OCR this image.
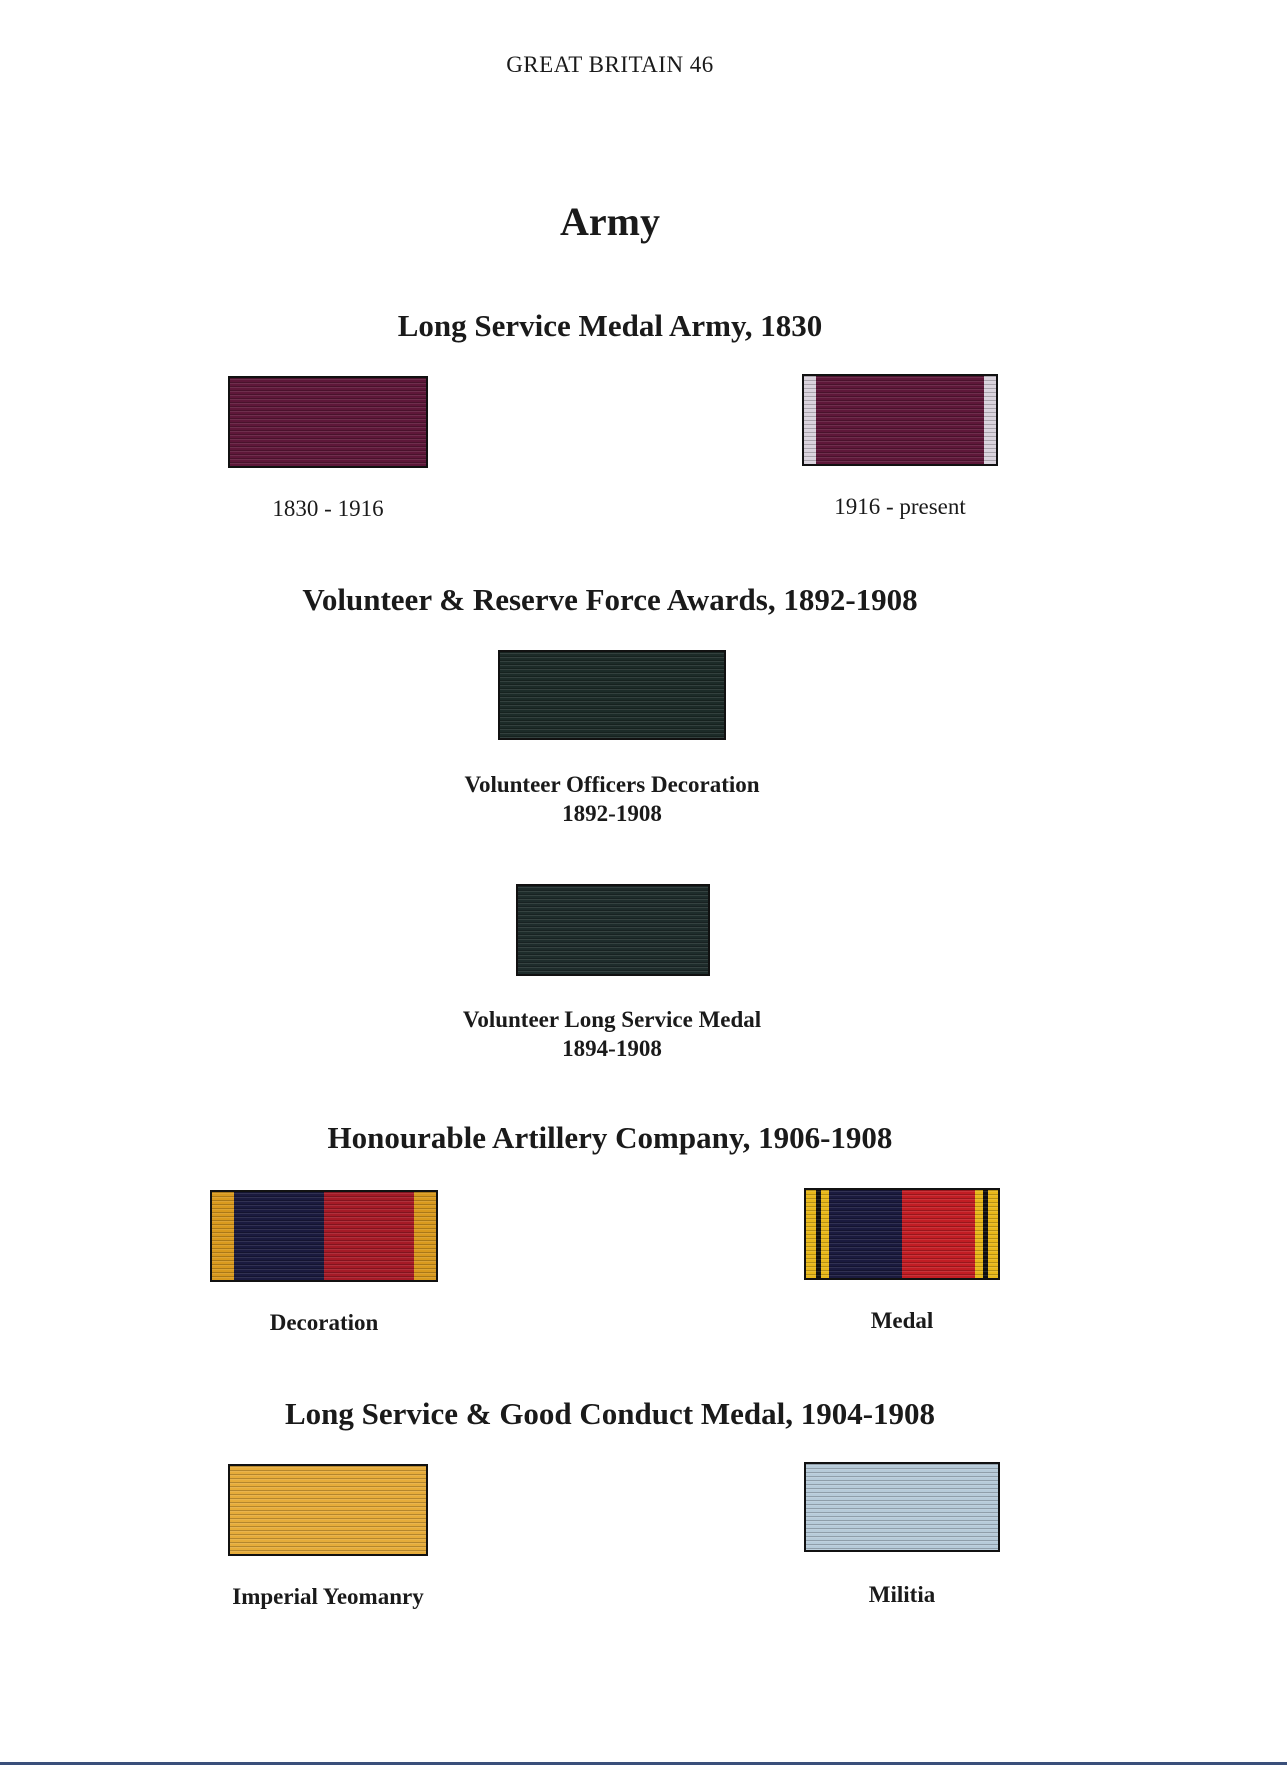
GREAT BRITAIN 46
Army
Long Service Medal Army, 1830
1830 - 1916	1916 - present
Volunteer & Reserve Force Awards, 1892-1908
Volunteer Officers Decoration
1892-1908
Volunteer Long Service Medal
1894-1908
Honourable Artillery Company, 1906-1908
Decoration	Medal
Long Service & Good Conduct Medal, 1904-1908
Imperial Yeomanry	Militia
